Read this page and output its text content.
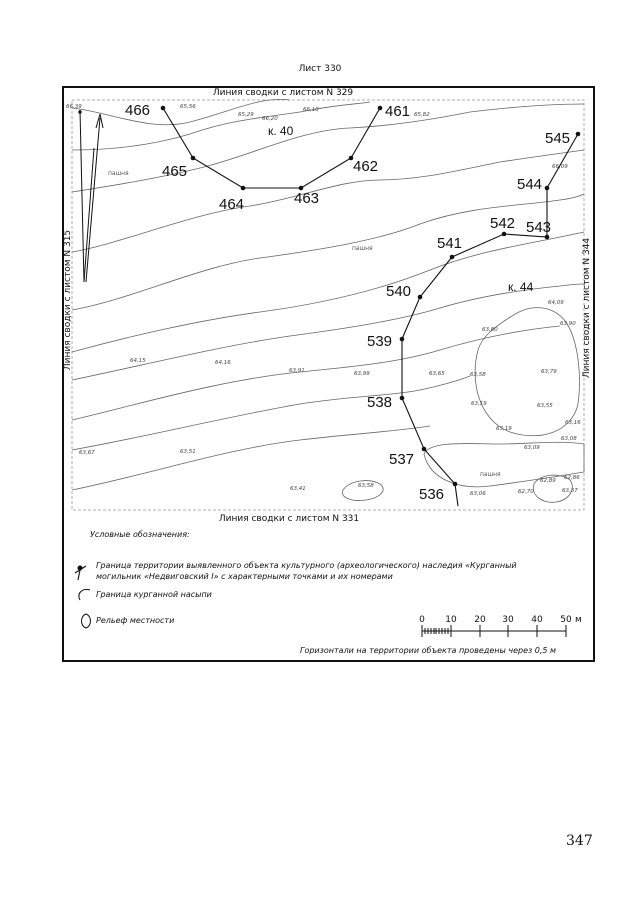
Лист 330
Линия сводки с листом N 329
Линия сводки с листом N 331
Линия сводки с листом N 315	Линия сводки с листом N 344
466
465
464	463
462
461
545
544
543
542
541
540
539
538
537
536
к. 40
к. 44
пашня
пашня
пашня
66,39	65,56
65,29
66,20
66,10
65,82
66,09
64,09
63,80
63,90
64,15	64,16
63,91	63,99	63,65	63,58	63,79
63,19	63,55
63,19
63,16
63,09
63,08
63,67	63,51
63,41	63,58
63,06	62,70
62,89 62,86
63,37
0 10 20 30 40 50 м
Условные обозначения:
Граница территории выявленного объекта культурного (археологического) наследия «Курганный
могильник «Недвиговский I» с характерными точками и их номерами
Граница курганной насыпи
Рельеф местности
Горизонтали на территории объекта проведены через 0,5 м
347
